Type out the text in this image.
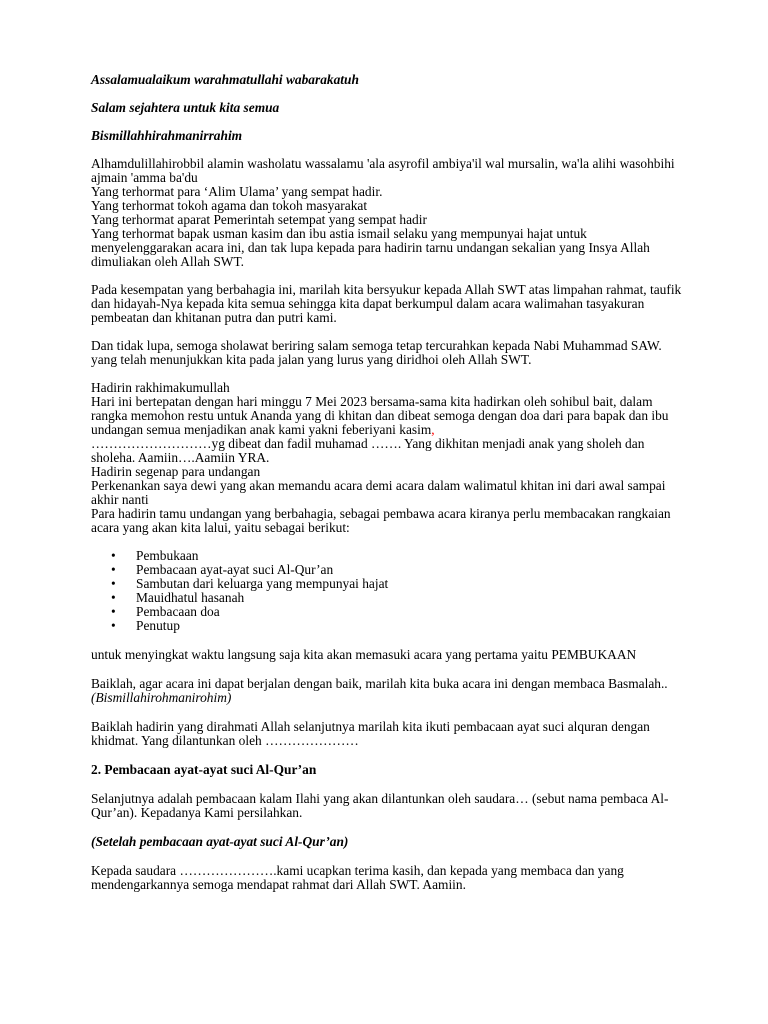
Assalamualaikum warahmatullahi wabarakatuh

Salam sejahtera untuk kita semua

Bismillahhirahmanirrahim

Alhamdulillahirobbil alamin washolatu wassalamu 'ala asyrofil ambiya'il wal mursalin, wa'la alihi wasohbihi ajmain 'amma ba'du

Yang terhormat para ‘Alim Ulama’ yang sempat hadir.

Yang terhormat tokoh agama dan tokoh masyarakat

Yang terhormat aparat Pemerintah setempat yang sempat hadir

Yang terhormat bapak usman kasim dan ibu astia ismail selaku yang mempunyai hajat untuk menyelenggarakan acara ini, dan tak lupa kepada para hadirin tarnu undangan sekalian yang Insya Allah dimuliakan oleh Allah SWT.

Pada kesempatan yang berbahagia ini, marilah kita bersyukur kepada Allah SWT atas limpahan rahmat, taufik dan hidayah-Nya kepada kita semua sehingga kita dapat berkumpul dalam acara walimahan tasyakuran pembeatan dan khitanan putra dan putri kami.

Dan tidak lupa, semoga sholawat beriring salam semoga tetap tercurahkan kepada Nabi Muhammad SAW. yang telah menunjukkan kita pada jalan yang lurus yang diridhoi oleh Allah SWT.

Hadirin rakhimakumullah

Hari ini bertepatan dengan hari minggu 7 Mei 2023 bersama-sama kita hadirkan oleh sohibul bait, dalam rangka memohon restu untuk Ananda yang di khitan dan dibeat semoga dengan doa dari para bapak dan ibu undangan semua menjadikan anak kami yakni feberiyani kasim,
………………………yg dibeat dan fadil muhamad ……. Yang dikhitan menjadi anak yang sholeh dan sholeha. Aamiin….Aamiin YRA.

Hadirin segenap para undangan

Perkenankan saya dewi yang akan memandu acara demi acara dalam walimatul khitan ini dari awal sampai akhir nanti

Para hadirin tamu undangan yang berbahagia, sebagai pembawa acara kiranya perlu membacakan rangkaian acara yang akan kita lalui, yaitu sebagai berikut:

• Pembukaan
• Pembacaan ayat-ayat suci Al-Qur’an
• Sambutan dari keluarga yang mempunyai hajat
• Mauidhatul hasanah
• Pembacaan doa
• Penutup

untuk menyingkat waktu langsung saja kita akan memasuki acara yang pertama yaitu PEMBUKAAN

Baiklah, agar acara ini dapat berjalan dengan baik, marilah kita buka acara ini dengan membaca Basmalah.. (Bismillahirohmanirohim)

Baiklah hadirin yang dirahmati Allah selanjutnya marilah kita ikuti pembacaan ayat suci alquran dengan khidmat. Yang dilantunkan oleh …………………

2. Pembacaan ayat-ayat suci Al-Qur’an

Selanjutnya adalah pembacaan kalam Ilahi yang akan dilantunkan oleh saudara… (sebut nama pembaca Al-Qur’an). Kepadanya Kami persilahkan.

(Setelah pembacaan ayat-ayat suci Al-Qur’an)

Kepada saudara ………………….kami ucapkan terima kasih, dan kepada yang membaca dan yang mendengarkannya semoga mendapat rahmat dari Allah SWT. Aamiin.
